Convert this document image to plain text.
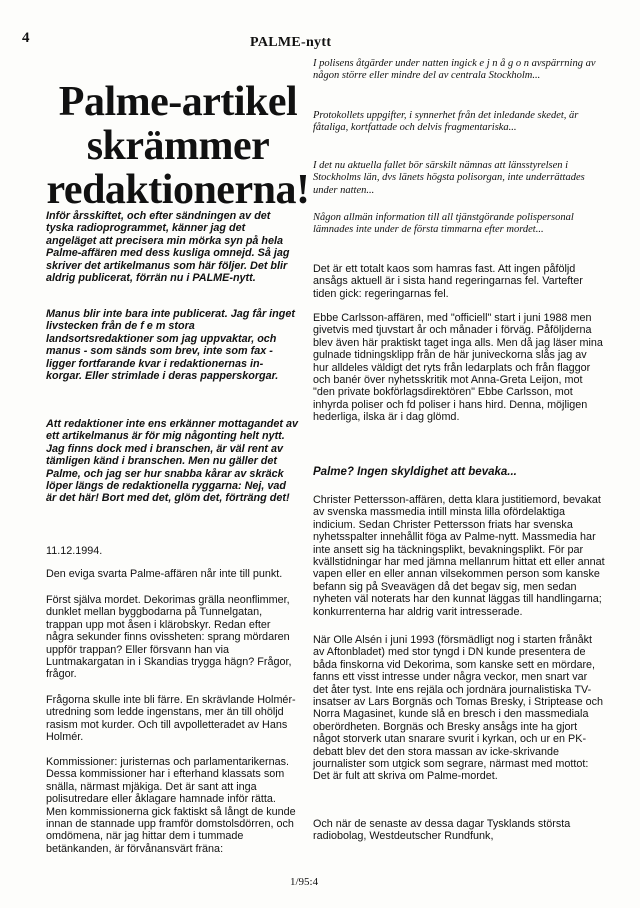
4	PALME-nytt
Palme-artikel skrämmer redaktionerna!

Inför årsskiftet, och efter sändningen av det tyska radioprogrammet, känner jag det angeläget att precisera min mörka syn på hela Palme-affären med dess kusliga omnejd. Så jag skriver det artikelmanus som här följer. Det blir aldrig publicerat, förrän nu i PALME-nytt.

Manus blir inte bara inte publicerat. Jag får inget livstecken från de f e m stora landsortsredaktioner som jag uppvaktar, och manus - som sänds som brev, inte som fax - ligger fortfarande kvar i redaktionernas in-korgar. Eller strimlade i deras papperskorgar.

Att redaktioner inte ens erkänner mottagandet av ett artikelmanus är för mig någonting helt nytt. Jag finns dock med i branschen, är väl rent av tämligen känd i branschen. Men nu gäller det Palme, och jag ser hur snabba kårar av skräck löper längs de redaktionella ryggarna: Nej, vad är det här! Bort med det, glöm det, förträng det!

11.12.1994.

Den eviga svarta Palme-affären når inte till punkt.

Först själva mordet. Dekorimas grälla neonflimmer, dunklet mellan byggbodarna på Tunnelgatan, trappan upp mot åsen i klärobskyr. Redan efter några sekunder finns ovissheten: sprang mördaren uppför trappan? Eller försvann han via Luntmakargatan in i Skandias trygga hägn? Frågor, frågor.

Frågorna skulle inte bli färre. En skrävlande Holmér-utredning som ledde ingenstans, mer än till ohöljd rasism mot kurder. Och till avpolletteradet av Hans Holmér.

Kommissioner: juristernas och parlamentarikernas. Dessa kommissioner har i efterhand klassats som snälla, närmast mjäkiga. Det är sant att inga polisutredare eller åklagare hamnade inför rätta. Men kommissionerna gick faktiskt så långt de kunde innan de stannade upp framför domstolsdörren, och omdömena, när jag hittar dem i tummade betänkanden, är förvånansvärt fräna:

I polisens åtgärder under natten ingick e j n å g o n avspärrning av någon större eller mindre del av centrala Stockholm...

Protokollets uppgifter, i synnerhet från det inledande skedet, är fåtaliga, kortfattade och delvis fragmentariska...

I det nu aktuella fallet bör särskilt nämnas att länsstyrelsen i Stockholms län, dvs länets högsta polisorgan, inte underrättades under natten...

Någon allmän information till all tjänstgörande polispersonal lämnades inte under de första timmarna efter mordet...

Det är ett totalt kaos som hamras fast. Att ingen påföljd ansågs aktuell är i sista hand regeringarnas fel. Vartefter tiden gick: regeringarnas fel.

Ebbe Carlsson-affären, med "officiell" start i juni 1988 men givetvis med tjuvstart år och månader i förväg. Påföljderna blev även här praktiskt taget inga alls. Men då jag läser mina gulnade tidningsklipp från de här juniveckorna slås jag av hur alldeles väldigt det ryts från ledarplats och från flaggor och banér över nyhetsskritik mot Anna-Greta Leijon, mot "den private bokförlagsdirektören" Ebbe Carlsson, mot inhyrda poliser och fd poliser i hans hird. Denna, möjligen hederliga, ilska är i dag glömd.

Palme? Ingen skyldighet att bevaka...

Christer Pettersson-affären, detta klara justitiemord, bevakat av svenska massmedia intill minsta lilla ofördelaktiga indicium. Sedan Christer Pettersson friats har svenska nyhetsspalter innehållit föga av Palme-nytt. Massmedia har inte ansett sig ha täckningsplikt, bevakningsplikt. För par kvällstidningar har med jämna mellanrum hittat ett eller annat vapen eller en eller annan vilsekommen person som kanske befann sig på Sveavägen då det begav sig, men sedan nyheten väl noterats har den kunnat läggas till handlingarna; konkurrenterna har aldrig varit intresserade.

När Olle Alsén i juni 1993 (försmädligt nog i starten frånåkt av Aftonbladet) med stor tyngd i DN kunde presentera de båda finskorna vid Dekorima, som kanske sett en mördare, fanns ett visst intresse under några veckor, men snart var det åter tyst. Inte ens rejäla och jordnära journalistiska TV-insatser av Lars Borgnäs och Tomas Bresky, i Striptease och Norra Magasinet, kunde slå en bresch i den massmediala oberördheten. Borgnäs och Bresky ansågs inte ha gjort något storverk utan snarare svurit i kyrkan, och ur en PK-debatt blev det den stora massan av icke-skrivande journalister som utgick som segrare, närmast med mottot: Det är fult att skriva om Palme-mordet.

Och när de senaste av dessa dagar Tysklands största radiobolag, Westdeutscher Rundfunk,

1/95:4
